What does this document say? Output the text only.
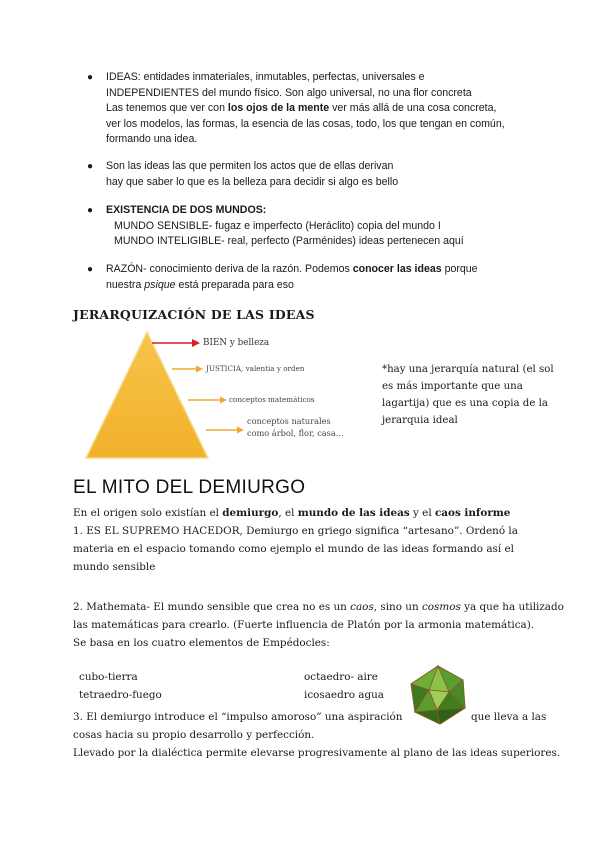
● IDEAS: entidades inmateriales, inmutables, perfectas, universales e
INDEPENDIENTES del mundo físico. Son algo universal, no una flor concreta
Las tenemos que ver con los ojos de la mente ver más allá de una cosa concreta,
ver los modelos, las formas, la esencia de las cosas, todo, los que tengan en común,
formando una idea.
● Son las ideas las que permiten los actos que de ellas derivan
hay que saber lo que es la belleza para decidir si algo es bello
● EXISTENCIA DE DOS MUNDOS:
MUNDO SENSIBLE- fugaz e imperfecto (Heráclito) copia del mundo I
MUNDO INTELIGIBLE- real, perfecto (Parménides) ideas pertenecen aquí
● RAZÓN- conocimiento deriva de la razón. Podemos conocer las ideas porque
nuestra psique está preparada para eso
JERARQUIZACIÓN DE LAS IDEAS
BIEN y belleza
JUSTICIA, valentia y orden
conceptos matemáticos
conceptos naturales
como árbol, flor, casa...
*hay una jerarquía natural (el sol
es más importante que una
lagartija) que es una copia de la
jerarquia ideal
EL MITO DEL DEMIURGO
En el origen solo existían el demiurgo, el mundo de las ideas y el caos informe
1. ES EL SUPREMO HACEDOR, Demiurgo en griego significa “artesano”. Ordenó la
materia en el espacio tomando como ejemplo el mundo de las ideas formando así el
mundo sensible
2. Mathemata- El mundo sensible que crea no es un caos, sino un cosmos ya que ha utilizado
las matemáticas para crearlo. (Fuerte influencia de Platón por la armonia matemática).
Se basa en los cuatro elementos de Empédocles:
cubo-tierra
tetraedro-fuego
octaedro- aire
icosaedro agua
3. El demiurgo introduce el “impulso amoroso” una aspiración	que lleva a las
cosas hacia su propio desarrollo y perfección.
Llevado por la dialéctica permite elevarse progresivamente al plano de las ideas superiores.
